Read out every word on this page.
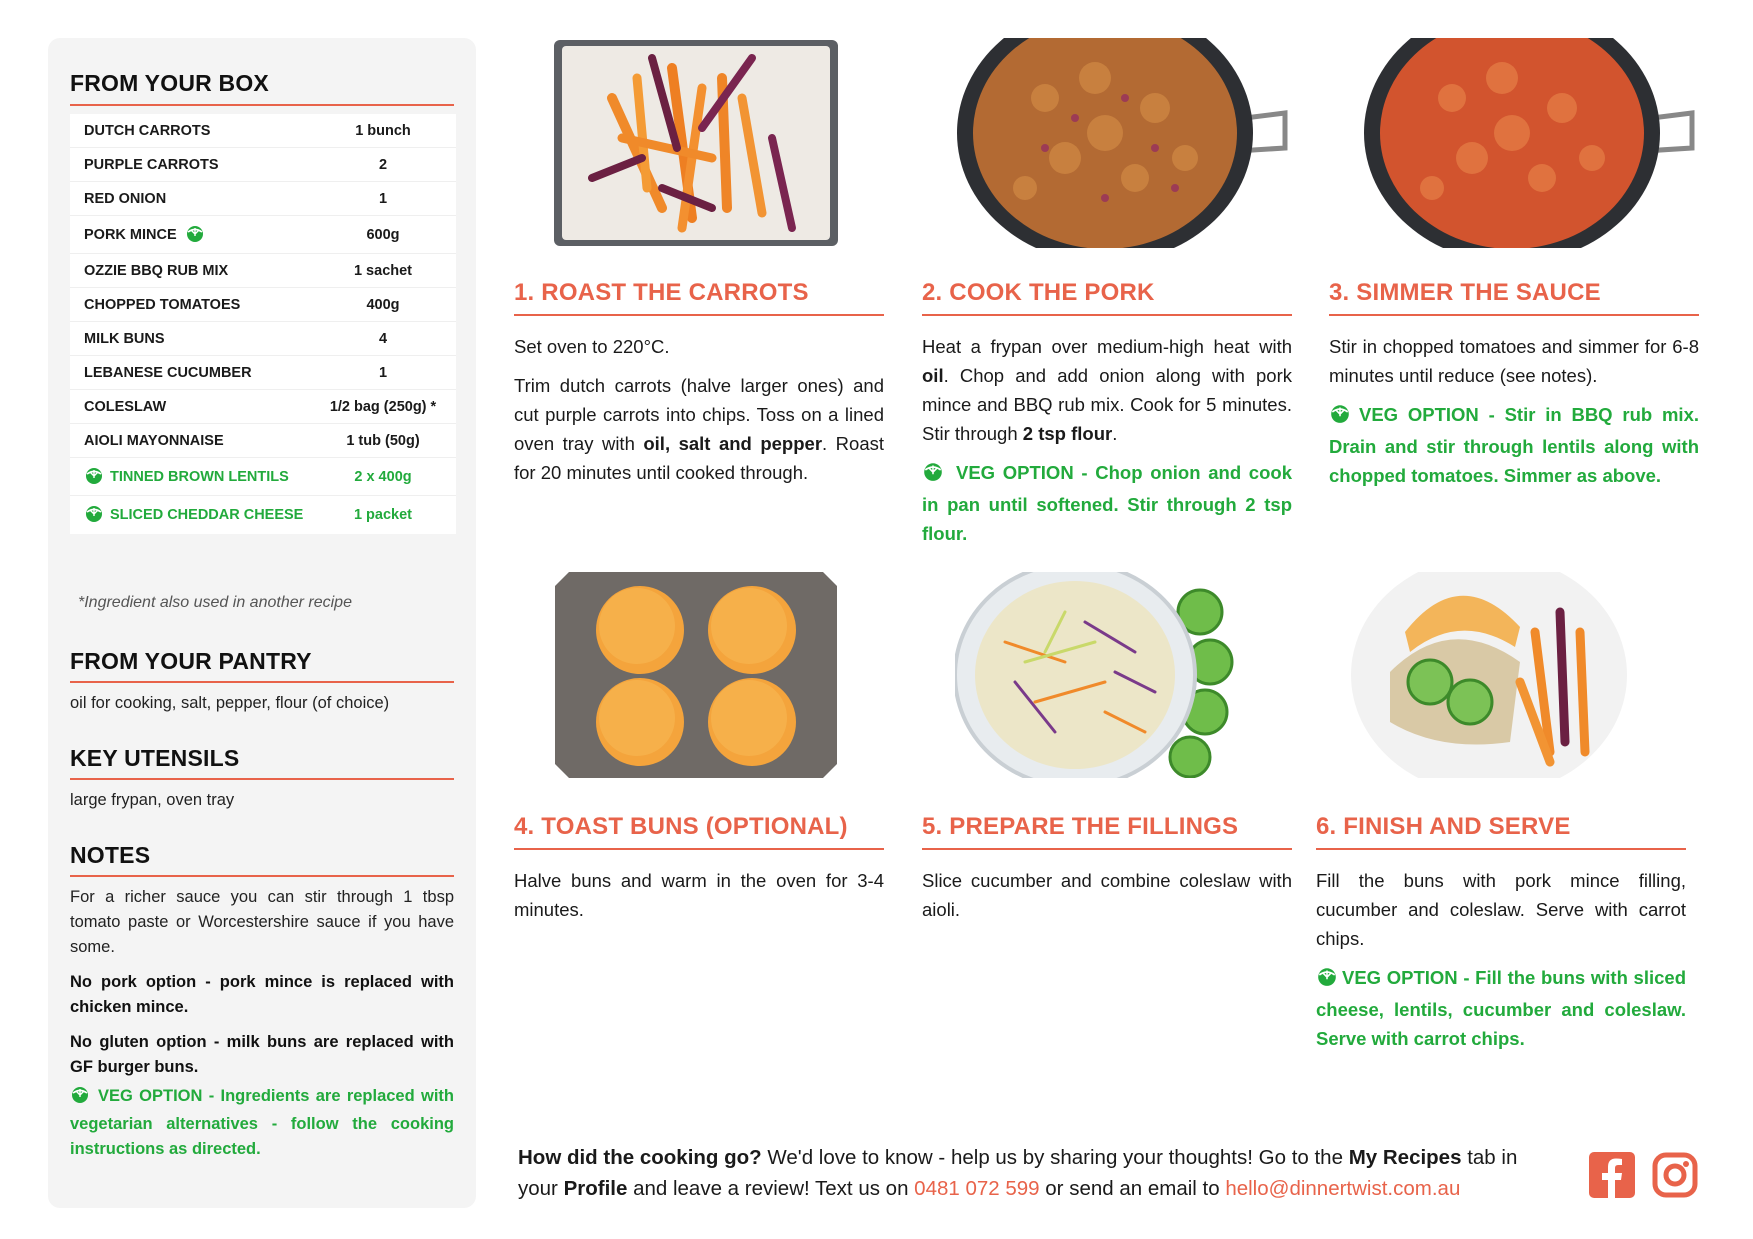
FROM YOUR BOX
DUTCH CARROTS	1 bunch
PURPLE CARROTS	2
RED ONION	1
PORK MINCE	600g
OZZIE BBQ RUB MIX	1 sachet
CHOPPED TOMATOES	400g
MILK BUNS	4
LEBANESE CUCUMBER	1
COLESLAW	1/2 bag (250g) *
AIOLI MAYONNAISE	1 tub (50g)
TINNED BROWN LENTILS	2 x 400g
SLICED CHEDDAR CHEESE	1 packet
*Ingredient also used in another recipe
FROM YOUR PANTRY
oil for cooking, salt, pepper, flour (of choice)
KEY UTENSILS
large frypan, oven tray
NOTES
For a richer sauce you can stir through 1 tbsp tomato paste or Worcestershire sauce if you have some.
No pork option - pork mince is replaced with chicken mince.
No gluten option - milk buns are replaced with GF burger buns.
VEG OPTION - Ingredients are replaced with vegetarian alternatives - follow the cooking instructions as directed.
1. ROAST THE CARROTS
Set oven to 220°C.
Trim dutch carrots (halve larger ones) and cut purple carrots into chips. Toss on a lined oven tray with oil, salt and pepper. Roast for 20 minutes until cooked through.
2. COOK THE PORK
Heat a frypan over medium-high heat with oil. Chop and add onion along with pork mince and BBQ rub mix. Cook for 5 minutes. Stir through 2 tsp flour.
VEG OPTION - Chop onion and cook in pan until softened. Stir through 2 tsp flour.
3. SIMMER THE SAUCE
Stir in chopped tomatoes and simmer for 6-8 minutes until reduce (see notes).
VEG OPTION - Stir in BBQ rub mix. Drain and stir through lentils along with chopped tomatoes. Simmer as above.
4. TOAST BUNS (OPTIONAL)
Halve buns and warm in the oven for 3-4 minutes.
5. PREPARE THE FILLINGS
Slice cucumber and combine coleslaw with aioli.
6. FINISH AND SERVE
Fill the buns with pork mince filling, cucumber and coleslaw. Serve with carrot chips.
VEG OPTION - Fill the buns with sliced cheese, lentils, cucumber and coleslaw. Serve with carrot chips.
How did the cooking go? We'd love to know - help us by sharing your thoughts! Go to the My Recipes tab in your Profile and leave a review! Text us on 0481 072 599 or send an email to hello@dinnertwist.com.au
